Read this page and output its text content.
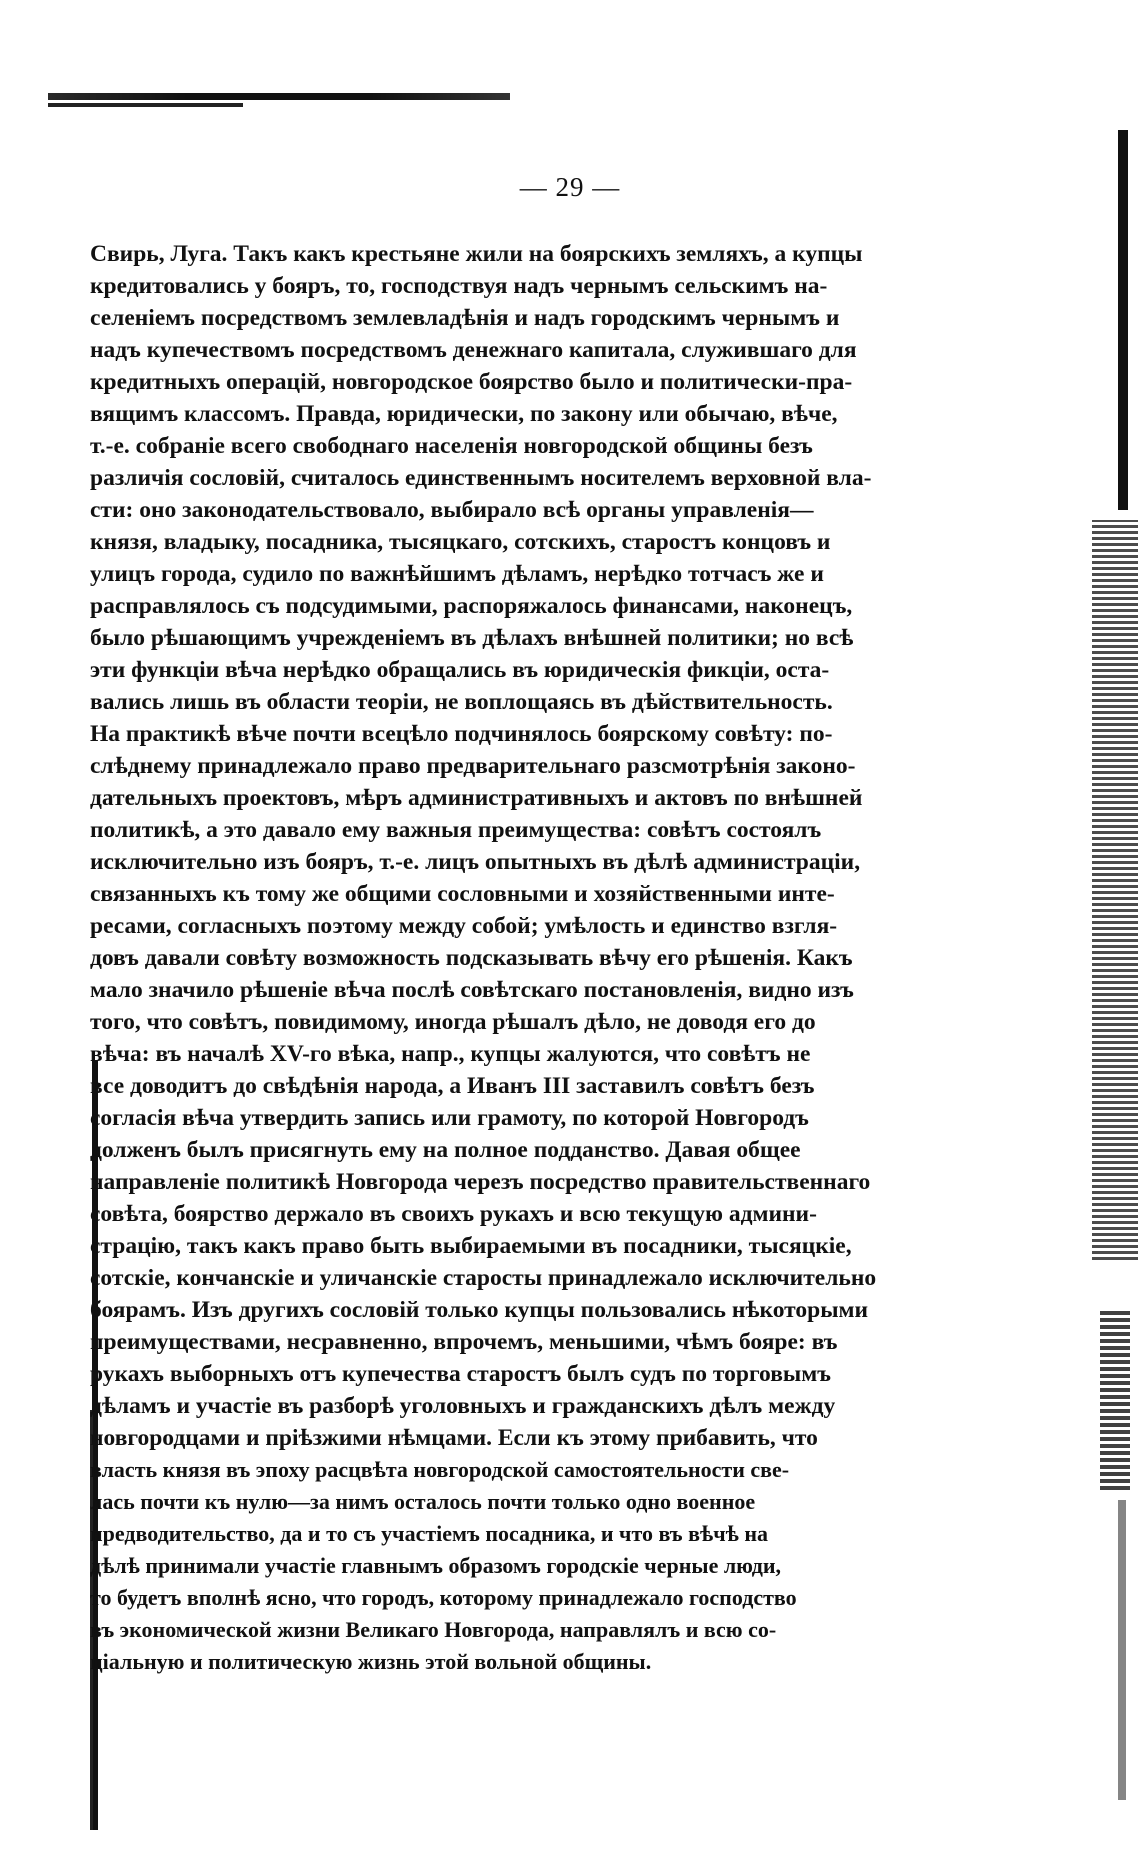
— 29 —
Свирь, Луга. Такъ какъ крестьяне жили на боярскихъ земляхъ, а купцы
кредитовались у бояръ, то, господствуя надъ чернымъ сельскимъ на-
селеніемъ посредствомъ землевладѣнія и надъ городскимъ чернымъ и
надъ купечествомъ посредствомъ денежнаго капитала, служившаго для
кредитныхъ операцій, новгородское боярство было и политически-пра-
вящимъ классомъ. Правда, юридически, по закону или обычаю, вѣче,
т.-е. собраніе всего свободнаго населенія новгородской общины безъ
различія сословій, считалось единственнымъ носителемъ верховной вла-
сти: оно законодательствовало, выбирало всѣ органы управленія—
князя, владыку, посадника, тысяцкаго, сотскихъ, старостъ концовъ и
улицъ города, судило по важнѣйшимъ дѣламъ, нерѣдко тотчасъ же и
расправлялось съ подсудимыми, распоряжалось финансами, наконецъ,
было рѣшающимъ учрежденіемъ въ дѣлахъ внѣшней политики; но всѣ
эти функціи вѣча нерѣдко обращались въ юридическія фикціи, оста-
вались лишь въ области теоріи, не воплощаясь въ дѣйствительность.
На практикѣ вѣче почти всецѣло подчинялось боярскому совѣту: по-
слѣднему принадлежало право предварительнаго разсмотрѣнія законо-
дательныхъ проектовъ, мѣръ административныхъ и актовъ по внѣшней
политикѣ, а это давало ему важныя преимущества: совѣтъ состоялъ
исключительно изъ бояръ, т.-е. лицъ опытныхъ въ дѣлѣ администраціи,
связанныхъ къ тому же общими сословными и хозяйственными инте-
ресами, согласныхъ поэтому между собой; умѣлость и единство взгля-
довъ давали совѣту возможность подсказывать вѣчу его рѣшенія. Какъ
мало значило рѣшеніе вѣча послѣ совѣтскаго постановленія, видно изъ
того, что совѣтъ, повидимому, иногда рѣшалъ дѣло, не доводя его до
вѣча: въ началѣ XV-го вѣка, напр., купцы жалуются, что совѣтъ не
все доводитъ до свѣдѣнія народа, а Иванъ III заставилъ совѣтъ безъ
согласія вѣча утвердить запись или грамоту, по которой Новгородъ
долженъ былъ присягнуть ему на полное подданство. Давая общее
направленіе политикѣ Новгорода черезъ посредство правительственнаго
совѣта, боярство держало въ своихъ рукахъ и всю текущую админи-
страцію, такъ какъ право быть выбираемыми въ посадники, тысяцкіе,
сотскіе, кончанскіе и уличанскіе старосты принадлежало исключительно
боярамъ. Изъ другихъ сословій только купцы пользовались нѣкоторыми
преимуществами, несравненно, впрочемъ, меньшими, чѣмъ бояре: въ
рукахъ выборныхъ отъ купечества старостъ былъ судъ по торговымъ
дѣламъ и участіе въ разборѣ уголовныхъ и гражданскихъ дѣлъ между
новгородцами и пріѣзжими нѣмцами. Если къ этому прибавить, что
власть князя въ эпоху расцвѣта новгородской самостоятельности све-
лась почти къ нулю—за нимъ осталось почти только одно военное
предводительство, да и то съ участіемъ посадника, и что въ вѣчѣ на
дѣлѣ принимали участіе главнымъ образомъ городскіе черные люди,
то будетъ вполнѣ ясно, что городъ, которому принадлежало господство
въ экономической жизни Великаго Новгорода, направлялъ и всю со-
ціальную и политическую жизнь этой вольной общины.
